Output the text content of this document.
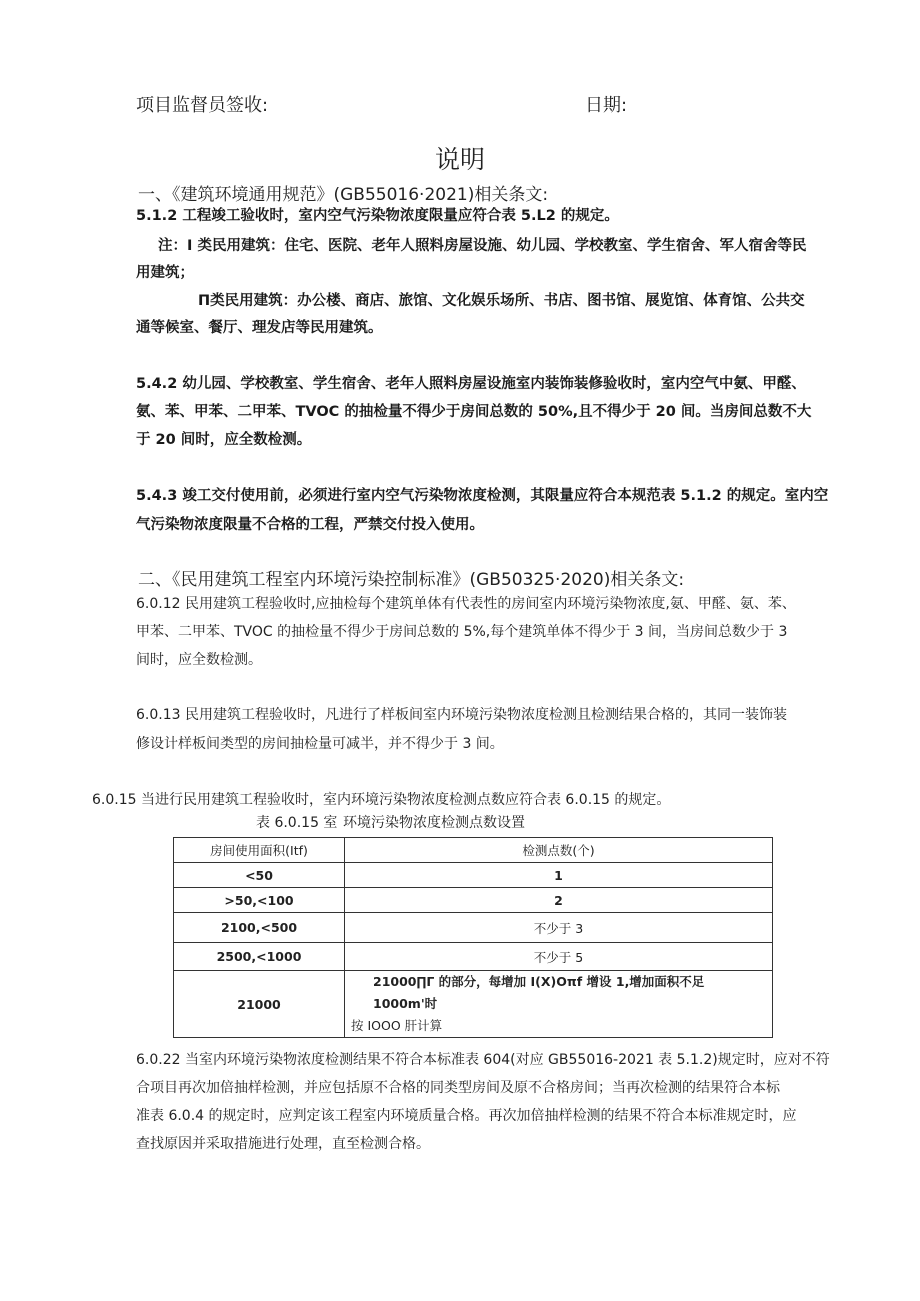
项目监督员签收:	日期:
说明
一、《建筑环境通用规范》(GB55016·2021)相关条文:
5.1.2 工程竣工验收时，室内空气污染物浓度限量应符合表 5.L2 的规定。
注：I 类民用建筑：住宅、医院、老年人照料房屋设施、幼儿园、学校教室、学生宿舍、军人宿舍等民
用建筑；
П类民用建筑：办公楼、商店、旅馆、文化娱乐场所、书店、图书馆、展览馆、体育馆、公共交
通等候室、餐厅、理发店等民用建筑。
5.4.2 幼儿园、学校教室、学生宿舍、老年人照料房屋设施室内装饰装修验收时，室内空气中氨、甲醛、
氨、苯、甲苯、二甲苯、TVOC 的抽检量不得少于房间总数的 50%,且不得少于 20 间。当房间总数不大
于 20 间时，应全数检测。
5.4.3 竣工交付使用前，必须进行室内空气污染物浓度检测，其限量应符合本规范表 5.1.2 的规定。室内空
气污染物浓度限量不合格的工程，严禁交付投入使用。
二、《民用建筑工程室内环境污染控制标准》(GB50325·2020)相关条文:
6.0.12 民用建筑工程验收时,应抽检每个建筑单体有代表性的房间室内环境污染物浓度,氨、甲醛、氨、苯、
甲苯、二甲苯、TVOC 的抽检量不得少于房间总数的 5%,每个建筑单体不得少于 3 间，当房间总数少于 3
间时，应全数检测。
6.0.13 民用建筑工程验收时，凡进行了样板间室内环境污染物浓度检测且检测结果合格的，其同一装饰装
修设计样板间类型的房间抽检量可减半，并不得少于 3 间。
6.0.15 当进行民用建筑工程验收时，室内环境污染物浓度检测点数应符合表 6.0.15 的规定。
表 6.0.15 室 环境污染物浓度检测点数设置
房间使用面积(Itf)	检测点数(个)
<50	1
>50,<100	2
2100,<500	不少于 3
2500,<1000	不少于 5
21000	21000∏Γ 的部分，每增加 I(X)Oπf 增设 1,增加面积不足 1000m'时
按 IOOO 肝计算
6.0.22 当室内环境污染物浓度检测结果不符合本标准表 604(对应 GB55016-2021 表 5.1.2)规定时，应对不符
合项目再次加倍抽样检测，并应包括原不合格的同类型房间及原不合格房间；当再次检测的结果符合本标
准表 6.0.4 的规定时，应判定该工程室内环境质量合格。再次加倍抽样检测的结果不符合本标准规定时，应
查找原因并采取措施进行处理，直至检测合格。
